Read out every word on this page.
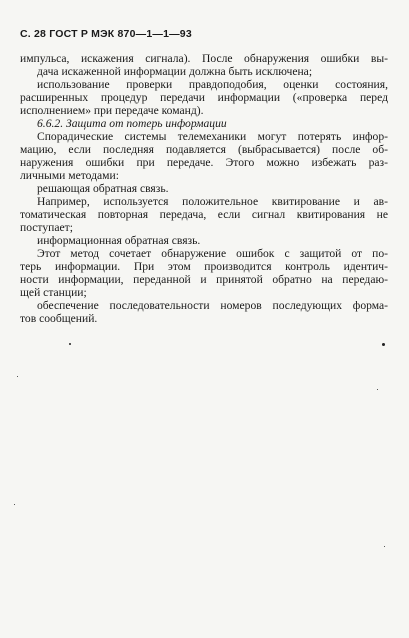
С. 28 ГОСТ Р МЭК 870—1—1—93
импульса, искажения сигнала). После обнаружения ошибки вы-
дача искаженной информации должна быть исключена;
использование проверки правдоподобия, оценки состояния,
расширенных процедур передачи информации («проверка перед
исполнением» при передаче команд).
6.6.2. Защита от потерь информации
Спорадические системы телемеханики могут потерять инфор-
мацию, если последняя подавляется (выбрасывается) после об-
наружения ошибки при передаче. Этого можно избежать раз-
личными методами:
решающая обратная связь.
Например, используется положительное квитирование и ав-
томатическая повторная передача, если сигнал квитирования не
поступает;
информационная обратная связь.
Этот метод сочетает обнаружение ошибок с защитой от по-
терь информации. При этом производится контроль идентич-
ности информации, переданной и принятой обратно на передаю-
щей станции;
обеспечение последовательности номеров последующих форма-
тов сообщений.
